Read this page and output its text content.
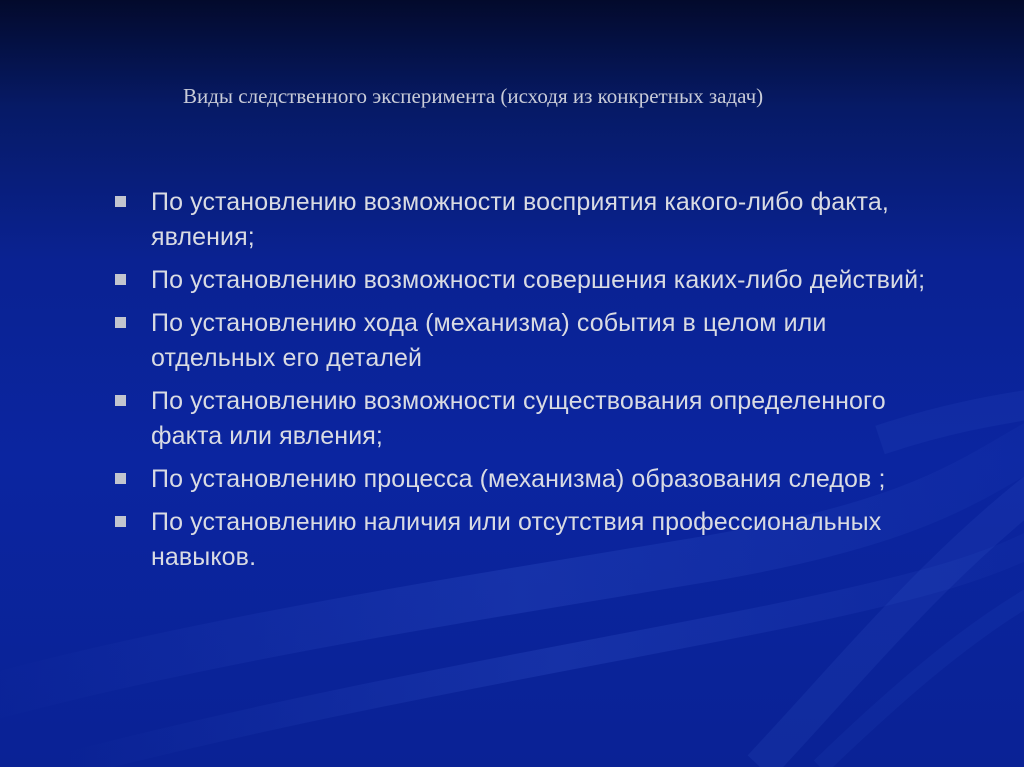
Виды следственного эксперимента (исходя из конкретных задач)
По установлению возможности восприятия какого-либо факта, явления;
По установлению возможности совершения каких-либо действий;
По установлению хода (механизма) события в целом или отдельных его деталей
По установлению возможности существования определенного факта или явления;
По установлению процесса (механизма) образования следов ;
По установлению наличия или отсутствия профессиональных навыков.
